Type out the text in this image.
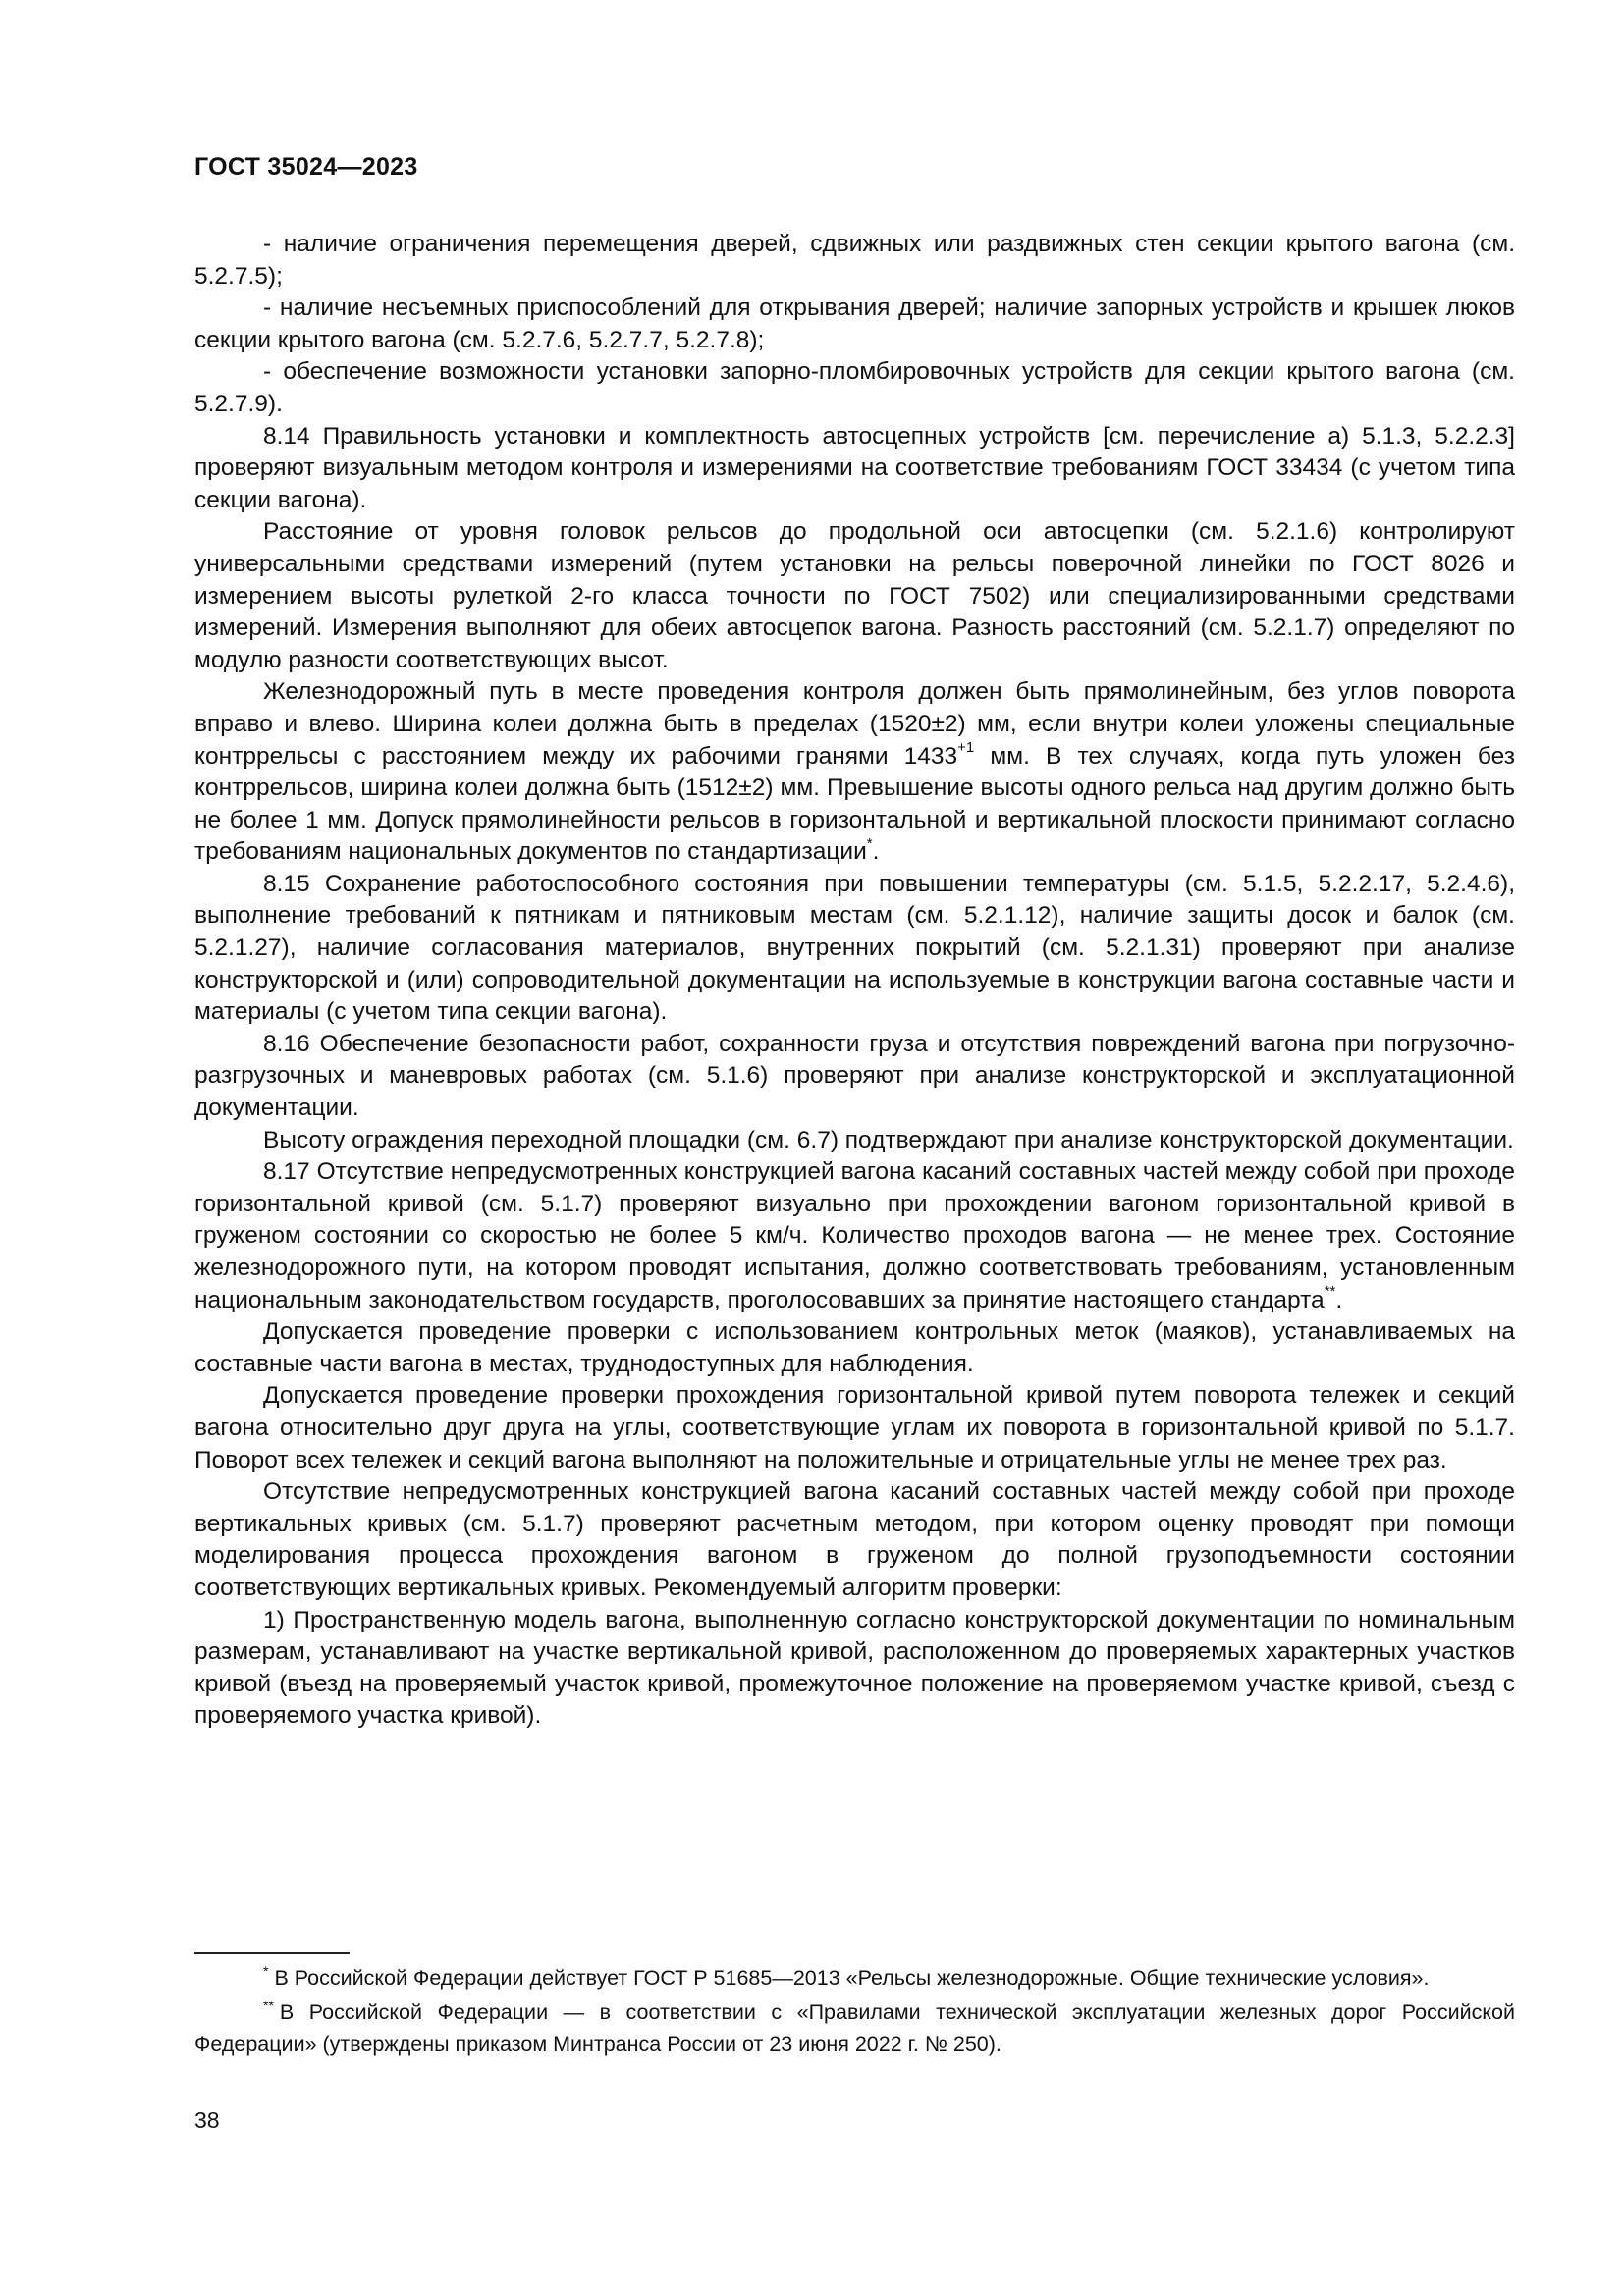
ГОСТ 35024—2023

- наличие ограничения перемещения дверей, сдвижных или раздвижных стен секции крытого вагона (см. 5.2.7.5);

- наличие несъемных приспособлений для открывания дверей; наличие запорных устройств и крышек люков секции крытого вагона (см. 5.2.7.6, 5.2.7.7, 5.2.7.8);

- обеспечение возможности установки запорно-пломбировочных устройств для секции крытого вагона (см. 5.2.7.9).

8.14 Правильность установки и комплектность автосцепных устройств [см. перечисление а) 5.1.3, 5.2.2.3] проверяют визуальным методом контроля и измерениями на соответствие требованиям ГОСТ 33434 (с учетом типа секции вагона).

Расстояние от уровня головок рельсов до продольной оси автосцепки (см. 5.2.1.6) контролируют универсальными средствами измерений (путем установки на рельсы поверочной линейки по ГОСТ 8026 и измерением высоты рулеткой 2-го класса точности по ГОСТ 7502) или специализированными средствами измерений. Измерения выполняют для обеих автосцепок вагона. Разность расстояний (см. 5.2.1.7) определяют по модулю разности соответствующих высот.

Железнодорожный путь в месте проведения контроля должен быть прямолинейным, без углов поворота вправо и влево. Ширина колеи должна быть в пределах (1520±2) мм, если внутри колеи уложены специальные контррельсы с расстоянием между их рабочими гранями $1433^{+1}$ мм. В тех случаях, когда путь уложен без контррельсов, ширина колеи должна быть (1512±2) мм. Превышение высоты одного рельса над другим должно быть не более 1 мм. Допуск прямолинейности рельсов в горизонтальной и вертикальной плоскости принимают согласно требованиям национальных документов по стандартизации*.

8.15 Сохранение работоспособного состояния при повышении температуры (см. 5.1.5, 5.2.2.17, 5.2.4.6), выполнение требований к пятникам и пятниковым местам (см. 5.2.1.12), наличие защиты досок и балок (см. 5.2.1.27), наличие согласования материалов, внутренних покрытий (см. 5.2.1.31) проверяют при анализе конструкторской и (или) сопроводительной документации на используемые в конструкции вагона составные части и материалы (с учетом типа секции вагона).

8.16 Обеспечение безопасности работ, сохранности груза и отсутствия повреждений вагона при погрузочно-разгрузочных и маневровых работах (см. 5.1.6) проверяют при анализе конструкторской и эксплуатационной документации.

Высоту ограждения переходной площадки (см. 6.7) подтверждают при анализе конструкторской документации.

8.17 Отсутствие непредусмотренных конструкцией вагона касаний составных частей между собой при проходе горизонтальной кривой (см. 5.1.7) проверяют визуально при прохождении вагоном горизонтальной кривой в груженом состоянии со скоростью не более 5 км/ч. Количество проходов вагона — не менее трех. Состояние железнодорожного пути, на котором проводят испытания, должно соответствовать требованиям, установленным национальным законодательством государств, проголосовавших за принятие настоящего стандарта**.

Допускается проведение проверки с использованием контрольных меток (маяков), устанавливаемых на составные части вагона в местах, труднодоступных для наблюдения.

Допускается проведение проверки прохождения горизонтальной кривой путем поворота тележек и секций вагона относительно друг друга на углы, соответствующие углам их поворота в горизонтальной кривой по 5.1.7. Поворот всех тележек и секций вагона выполняют на положительные и отрицательные углы не менее трех раз.

Отсутствие непредусмотренных конструкцией вагона касаний составных частей между собой при проходе вертикальных кривых (см. 5.1.7) проверяют расчетным методом, при котором оценку проводят при помощи моделирования процесса прохождения вагоном в груженом до полной грузоподъемности состоянии соответствующих вертикальных кривых. Рекомендуемый алгоритм проверки:

1) Пространственную модель вагона, выполненную согласно конструкторской документации по номинальным размерам, устанавливают на участке вертикальной кривой, расположенном до проверяемых характерных участков кривой (въезд на проверяемый участок кривой, промежуточное положение на проверяемом участке кривой, съезд с проверяемого участка кривой).

* В Российской Федерации действует ГОСТ Р 51685—2013 «Рельсы железнодорожные. Общие технические условия».

** В Российской Федерации — в соответствии с «Правилами технической эксплуатации железных дорог Российской Федерации» (утверждены приказом Минтранса России от 23 июня 2022 г. № 250).

38
